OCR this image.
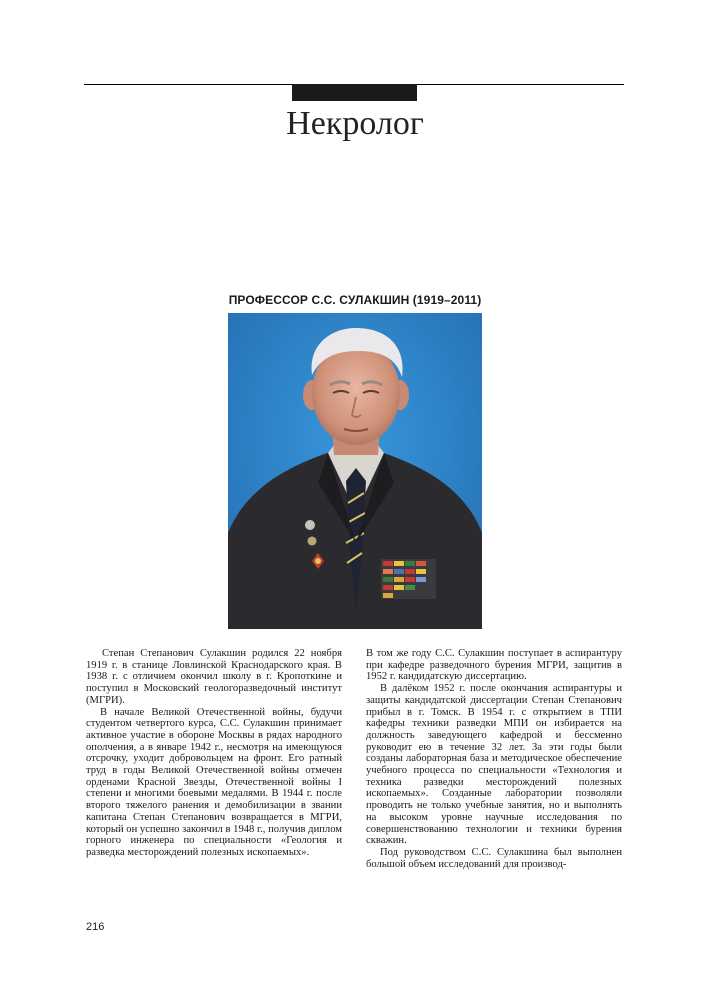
Некролог
ПРОФЕССОР С.С. СУЛАКШИН (1919–2011)

Степан Степанович Сулакшин родился 22 ноября 1919 г. в станице Ловлинской Краснодарского края. В 1938 г. с отличием окончил школу в г. Кропоткине и поступил в Московский геологоразведочный институт (МГРИ).

В начале Великой Отечественной войны, будучи студентом четвертого курса, С.С. Сулакшин принимает активное участие в обороне Москвы в рядах народного ополчения, а в январе 1942 г., несмотря на имеющуюся отсрочку, уходит добровольцем на фронт. Его ратный труд в годы Великой Отечественной войны отмечен орденами Красной Звезды, Отечественной войны I степени и многими боевыми медалями. В 1944 г. после второго тяжелого ранения и демобилизации в звании капитана Степан Степанович возвращается в МГРИ, который он успешно закончил в 1948 г., получив диплом горного инженера по специальности «Геология и разведка месторождений полезных ископаемых».

В том же году С.С. Сулакшин поступает в аспирантуру при кафедре разведочного бурения МГРИ, защитив в 1952 г. кандидатскую диссертацию.

В далёком 1952 г. после окончания аспирантуры и защиты кандидатской диссертации Степан Степанович прибыл в г. Томск. В 1954 г. с открытием в ТПИ кафедры техники разведки МПИ он избирается на должность заведующего кафедрой и бессменно руководит ею в течение 32 лет. За эти годы были созданы лабораторная база и методическое обеспечение учебного процесса по специальности «Технология и техника разведки месторождений полезных ископаемых». Созданные лаборатории позволяли проводить не только учебные занятия, но и выполнять на высоком уровне научные исследования по совершенствованию технологии и техники бурения скважин.

Под руководством С.С. Сулакшина был выполнен большой объем исследований для производ-

216
